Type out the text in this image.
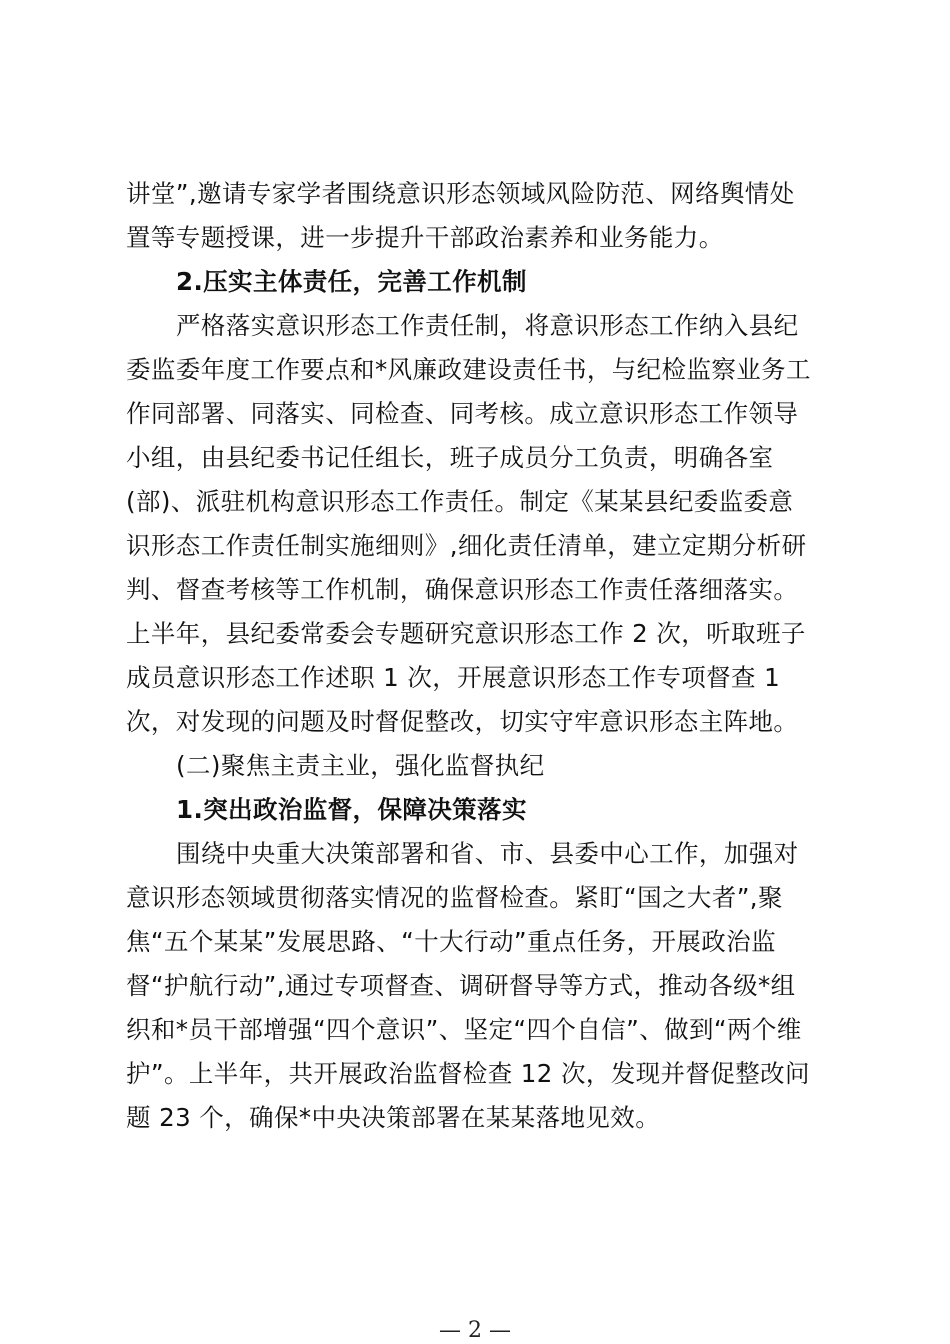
讲堂”,邀请专家学者围绕意识形态领域风险防范、网络舆情处
置等专题授课，进一步提升干部政治素养和业务能力。
2.压实主体责任，完善工作机制
严格落实意识形态工作责任制，将意识形态工作纳入县纪
委监委年度工作要点和*风廉政建设责任书，与纪检监察业务工
作同部署、同落实、同检查、同考核。成立意识形态工作领导
小组，由县纪委书记任组长，班子成员分工负责，明确各室
(部)、派驻机构意识形态工作责任。制定《某某县纪委监委意
识形态工作责任制实施细则》,细化责任清单，建立定期分析研
判、督查考核等工作机制，确保意识形态工作责任落细落实。
上半年，县纪委常委会专题研究意识形态工作 2 次，听取班子
成员意识形态工作述职 1 次，开展意识形态工作专项督查 1
次，对发现的问题及时督促整改，切实守牢意识形态主阵地。
(二)聚焦主责主业，强化监督执纪
1.突出政治监督，保障决策落实
围绕中央重大决策部署和省、市、县委中心工作，加强对
意识形态领域贯彻落实情况的监督检查。紧盯“国之大者”,聚
焦“五个某某”发展思路、“十大行动”重点任务，开展政治监
督“护航行动”,通过专项督查、调研督导等方式，推动各级*组
织和*员干部增强“四个意识”、坚定“四个自信”、做到“两个维
护”。上半年，共开展政治监督检查 12 次，发现并督促整改问
题 23 个，确保*中央决策部署在某某落地见效。
— 2 —
